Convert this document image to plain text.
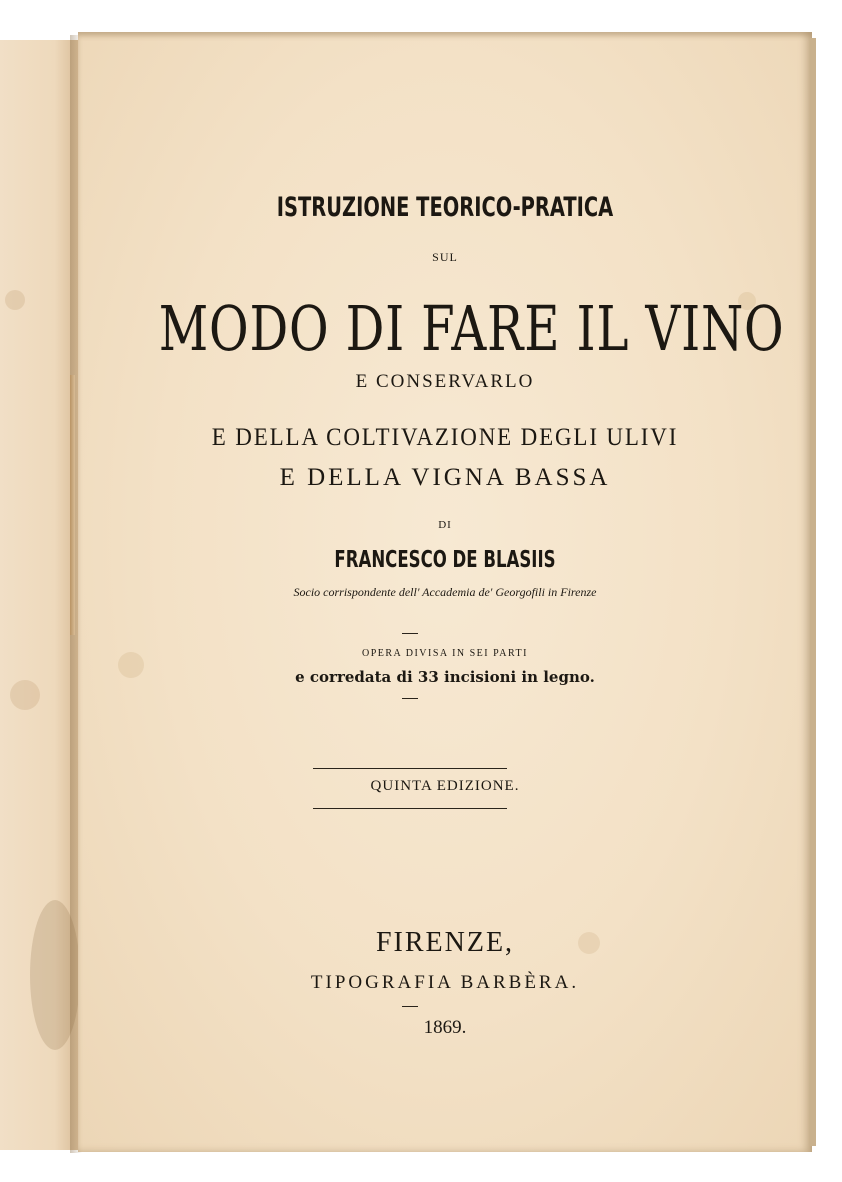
ISTRUZIONE TEORICO-PRATICA
SUL
MODO DI FARE IL VINO
E CONSERVARLO
E DELLA COLTIVAZIONE DEGLI ULIVI
E DELLA VIGNA BASSA
DI
FRANCESCO DE BLASIIS
Socio corrispondente dell' Accademia de' Georgofili in Firenze
OPERA DIVISA IN SEI PARTI
e corredata di 33 incisioni in legno.
QUINTA EDIZIONE.
FIRENZE,
TIPOGRAFIA BARBÈRA.
1869.
